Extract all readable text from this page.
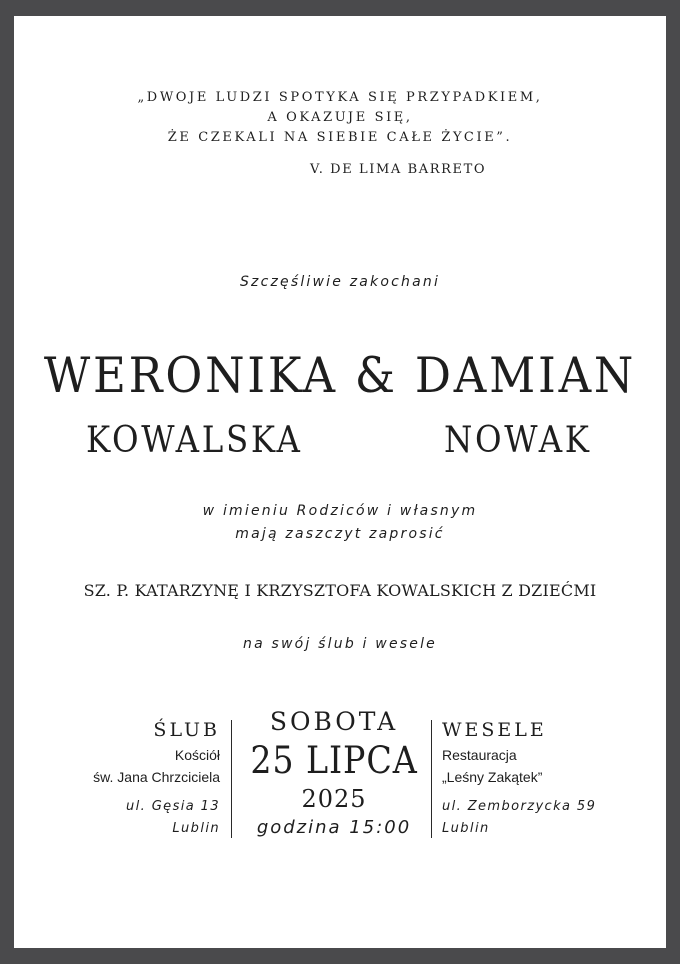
„DWOJE LUDZI SPOTYKA SIĘ PRZYPADKIEM,
A OKAZUJE SIĘ,
ŻE CZEKALI NA SIEBIE CAŁE ŻYCIE”.
V. DE LIMA BARRETO
Szczęśliwie zakochani
WERONIKA & DAMIAN
KOWALSKA	NOWAK
w imieniu Rodziców i własnym
mają zaszczyt zaprosić
SZ. P. KATARZYNĘ I KRZYSZTOFA KOWALSKICH Z DZIEĆMI
na swój ślub i wesele
ŚLUB
Kościół
św. Jana Chrzciciela
ul. Gęsia 13
Lublin
SOBOTA
25 LIPCA
2025
godzina 15:00
WESELE
Restauracja
„Leśny Zakątek”
ul. Zemborzycka 59
Lublin
